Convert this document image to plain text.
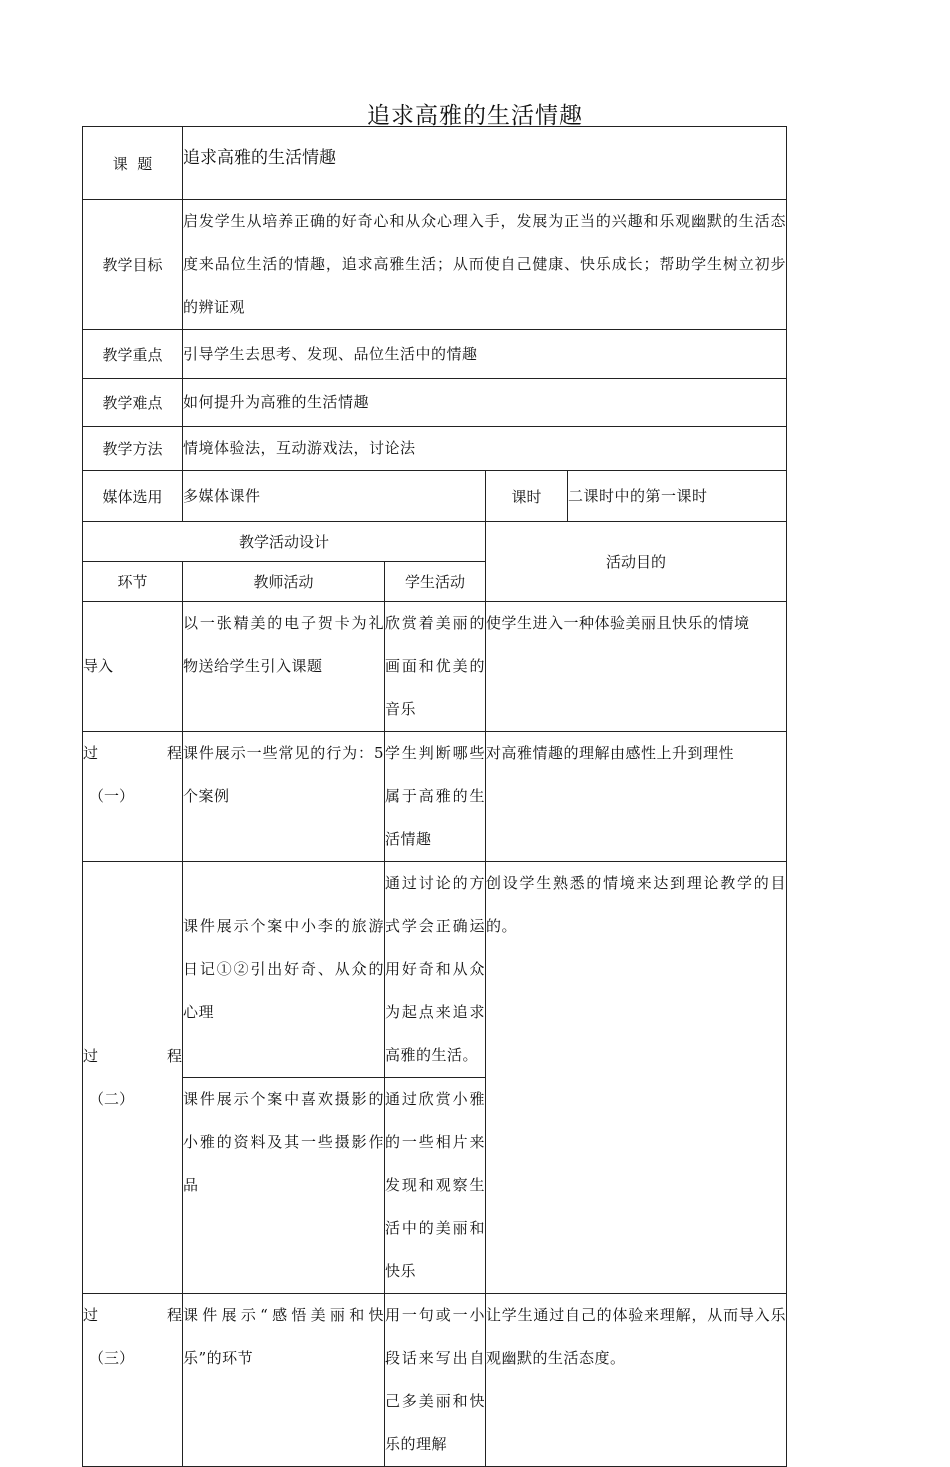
追求高雅的生活情趣
课  题	追求高雅的生活情趣			
教学目标	启发学生从培养正确的好奇心和从众心理入手，发展为正当的兴趣和乐观幽默的生活态度来品位生活的情趣，追求高雅生活；从而使自己健康、快乐成长；帮助学生树立初步的辨证观			
教学重点	引导学生去思考、发现、品位生活中的情趣			
教学难点	如何提升为高雅的生活情趣			
教学方法	情境体验法，互动游戏法，讨论法			
媒体选用	多媒体课件		课时	二课时中的第一课时
教学活动设计			活动目的	
环节	教师活动	学生活动		
导入	以一张精美的电子贺卡为礼物送给学生引入课题	欣赏着美丽的画面和优美的音乐	使学生进入一种体验美丽且快乐的情境	

过 程
（一）	课件展示一些常见的行为：5个案例	学生判断哪些属于高雅的生活情趣	对高雅情趣的理解由感性上升到理性	

过 程
（二）	课件展示个案中小李的旅游日记①②引出好奇、从众的心理	通过讨论的方式学会正确运用好奇和从众为起点来追求高雅的生活。	创设学生熟悉的情境来达到理论教学的目的。	
	课件展示个案中喜欢摄影的小雅的资料及其一些摄影作品	通过欣赏小雅的一些相片来发现和观察生活中的美丽和快乐		

过 程
（三）	课件展示“感悟美丽和快乐”的环节	用一句或一小段话来写出自己多美丽和快乐的理解	让学生通过自己的体验来理解，从而导入乐观幽默的生活态度。	
